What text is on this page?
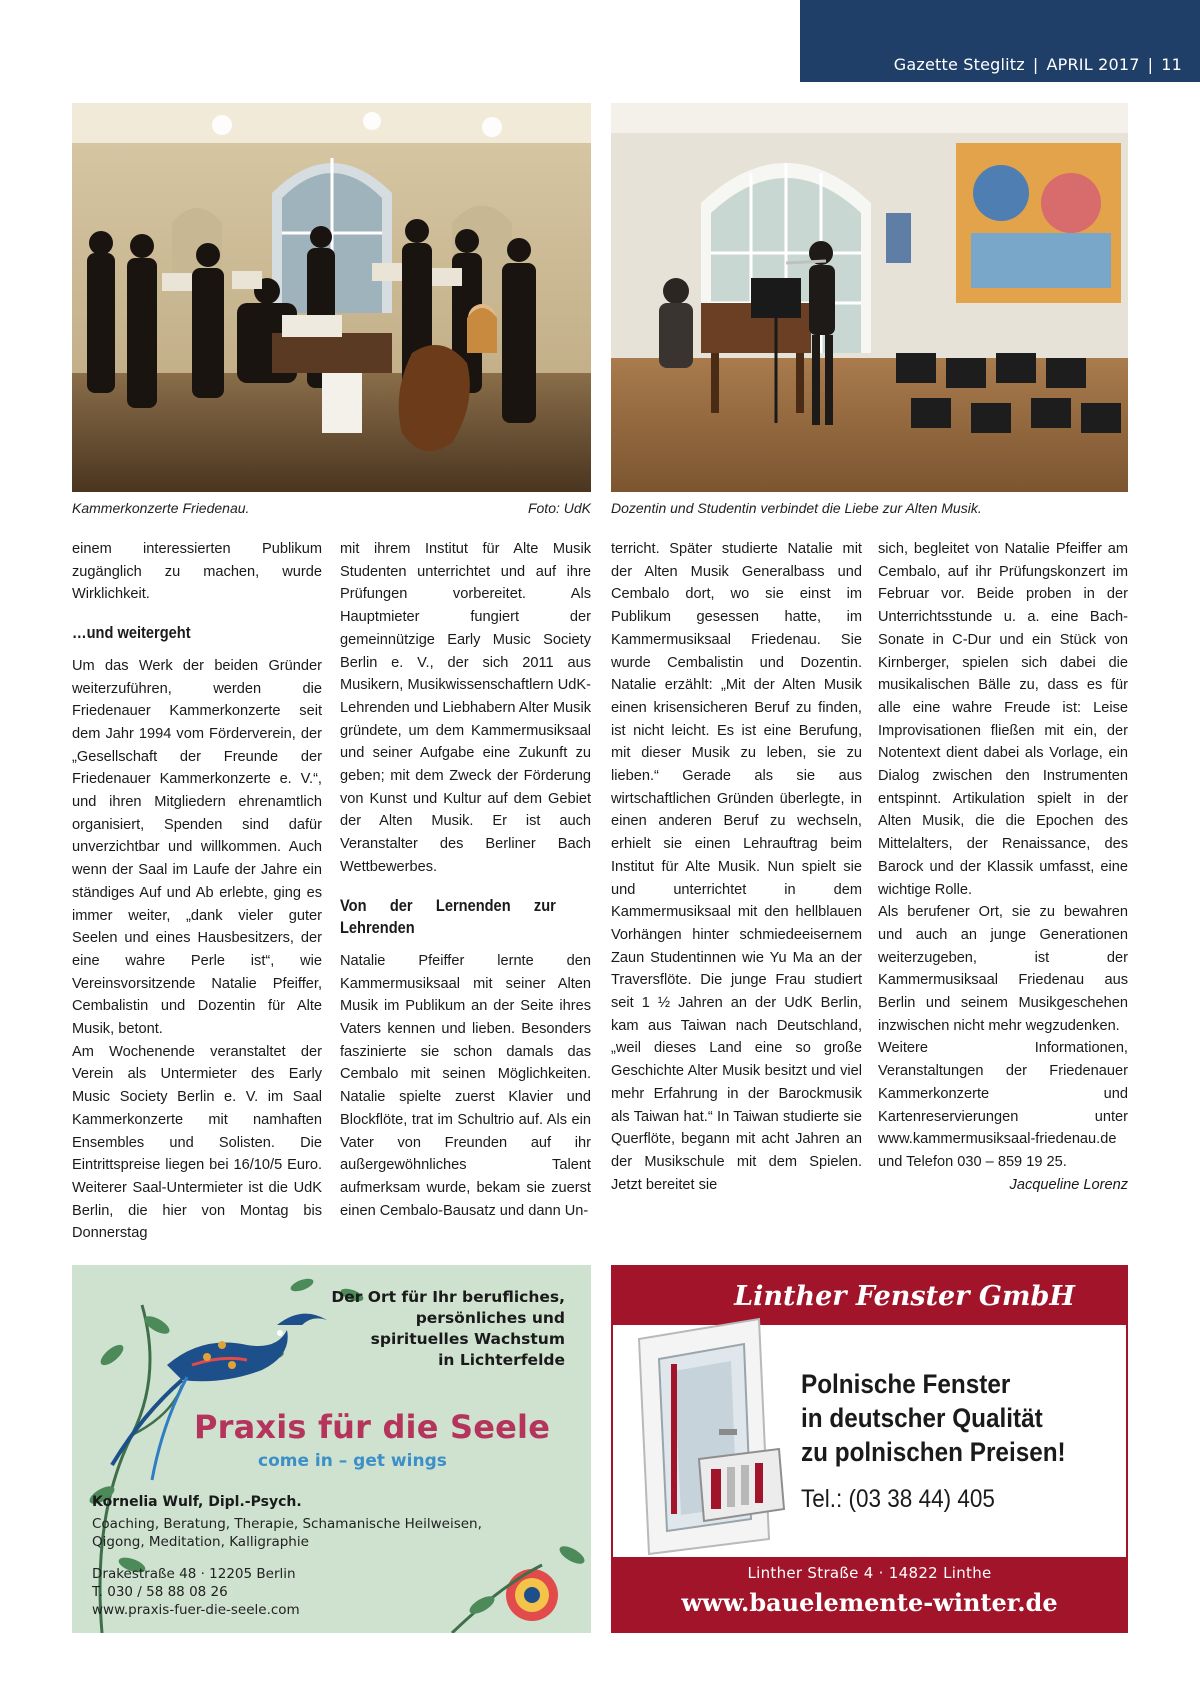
Gazette Steglitz | APRIL 2017 | 11
Kammerkonzerte Friedenau.	Foto: UdK Dozentin und Studentin verbindet die Liebe zur Alten Musik.

einem interessierten Publikum zugänglich zu machen, wurde Wirklichkeit.

…und weitergeht

Um das Werk der beiden Gründer weiterzuführen, werden die Friedenauer Kammerkonzerte seit dem Jahr 1994 vom Förderverein, der „Gesellschaft der Freunde der Friedenauer Kammerkonzerte e. V.“, und ihren Mitgliedern ehrenamtlich organisiert, Spenden sind dafür unverzichtbar und willkommen. Auch wenn der Saal im Laufe der Jahre ein ständiges Auf und Ab erlebte, ging es immer weiter, „dank vieler guter Seelen und eines Hausbesitzers, der eine wahre Perle ist“, wie Vereinsvorsitzende Natalie Pfeiffer, Cembalistin und Dozentin für Alte Musik, betont.

Am Wochenende veranstaltet der Verein als Untermieter des Early Music Society Berlin e. V. im Saal Kammerkonzerte mit namhaften Ensembles und Solisten. Die Eintrittspreise liegen bei 16/10/5 Euro. Weiterer Saal-Untermieter ist die UdK Berlin, die hier von Montag bis Donnerstag

mit ihrem Institut für Alte Musik Studenten unterrichtet und auf ihre Prüfungen vorbereitet. Als Hauptmieter fungiert der gemeinnützige Early Music Society Berlin e. V., der sich 2011 aus Musikern, Musikwissenschaftlern UdK-Lehrenden und Liebhabern Alter Musik gründete, um dem Kammermusiksaal und seiner Aufgabe eine Zukunft zu geben; mit dem Zweck der Förderung von Kunst und Kultur auf dem Gebiet der Alten Musik. Er ist auch Veranstalter des Berliner Bach Wettbewerbes.

Von der Lernenden zur Lehrenden

Natalie Pfeiffer lernte den Kammermusiksaal mit seiner Alten Musik im Publikum an der Seite ihres Vaters kennen und lieben. Besonders faszinierte sie schon damals das Cembalo mit seinen Möglichkeiten. Natalie spielte zuerst Klavier und Blockflöte, trat im Schultrio auf. Als ein Vater von Freunden auf ihr außergewöhnliches Talent aufmerksam wurde, bekam sie zuerst einen Cembalo-Bausatz und dann Un-

terricht. Später studierte Natalie mit der Alten Musik Generalbass und Cembalo dort, wo sie einst im Publikum gesessen hatte, im Kammermusiksaal Friedenau. Sie wurde Cembalistin und Dozentin. Natalie erzählt: „Mit der Alten Musik einen krisensicheren Beruf zu finden, ist nicht leicht. Es ist eine Berufung, mit dieser Musik zu leben, sie zu lieben.“ Gerade als sie aus wirtschaftlichen Gründen überlegte, in einen anderen Beruf zu wechseln, erhielt sie einen Lehrauftrag beim Institut für Alte Musik. Nun spielt sie und unterrichtet in dem Kammermusiksaal mit den hellblauen Vorhängen hinter schmiedeeisernem Zaun Studentinnen wie Yu Ma an der Traversflöte. Die junge Frau studiert seit 1 ½ Jahren an der UdK Berlin, kam aus Taiwan nach Deutschland, „weil dieses Land eine so große Geschichte Alter Musik besitzt und viel mehr Erfahrung in der Barockmusik als Taiwan hat.“ In Taiwan studierte sie Querflöte, begann mit acht Jahren an der Musikschule mit dem Spielen. Jetzt bereitet sie

sich, begleitet von Natalie Pfeiffer am Cembalo, auf ihr Prüfungskonzert im Februar vor. Beide proben in der Unterrichtsstunde u. a. eine Bach-Sonate in C-Dur und ein Stück von Kirnberger, spielen sich dabei die musikalischen Bälle zu, dass es für alle eine wahre Freude ist: Leise Improvisationen fließen mit ein, der Notentext dient dabei als Vorlage, ein Dialog zwischen den Instrumenten entspinnt. Artikulation spielt in der Alten Musik, die die Epochen des Mittelalters, der Renaissance, des Barock und der Klassik umfasst, eine wichtige Rolle.

Als berufener Ort, sie zu bewahren und auch an junge Generationen weiterzugeben, ist der Kammermusiksaal Friedenau aus Berlin und seinem Musikgeschehen inzwischen nicht mehr wegzudenken.

Weitere Informationen, Veranstaltungen der Friedenauer Kammerkonzerte und Kartenreservierungen unter www.kammermusiksaal-friedenau.de und Telefon 030 – 859 19 25.

Jacqueline Lorenz

Der Ort für Ihr berufliches,
persönliches und
spirituelles Wachstum
in Lichterfelde
Praxis für die Seele
come in – get wings
Kornelia Wulf, Dipl.-Psych.
Coaching, Beratung, Therapie, Schamanische Heilweisen,
Qigong, Meditation, Kalligraphie
Drakestraße 48 · 12205 Berlin
T. 030 / 58 88 08 26
www.praxis-fuer-die-seele.com
Linther Fenster GmbH
Polnische Fenster
in deutscher Qualität
zu polnischen Preisen!
Tel.: (03 38 44) 405
Linther Straße 4 · 14822 Linthe
www.bauelemente-winter.de
